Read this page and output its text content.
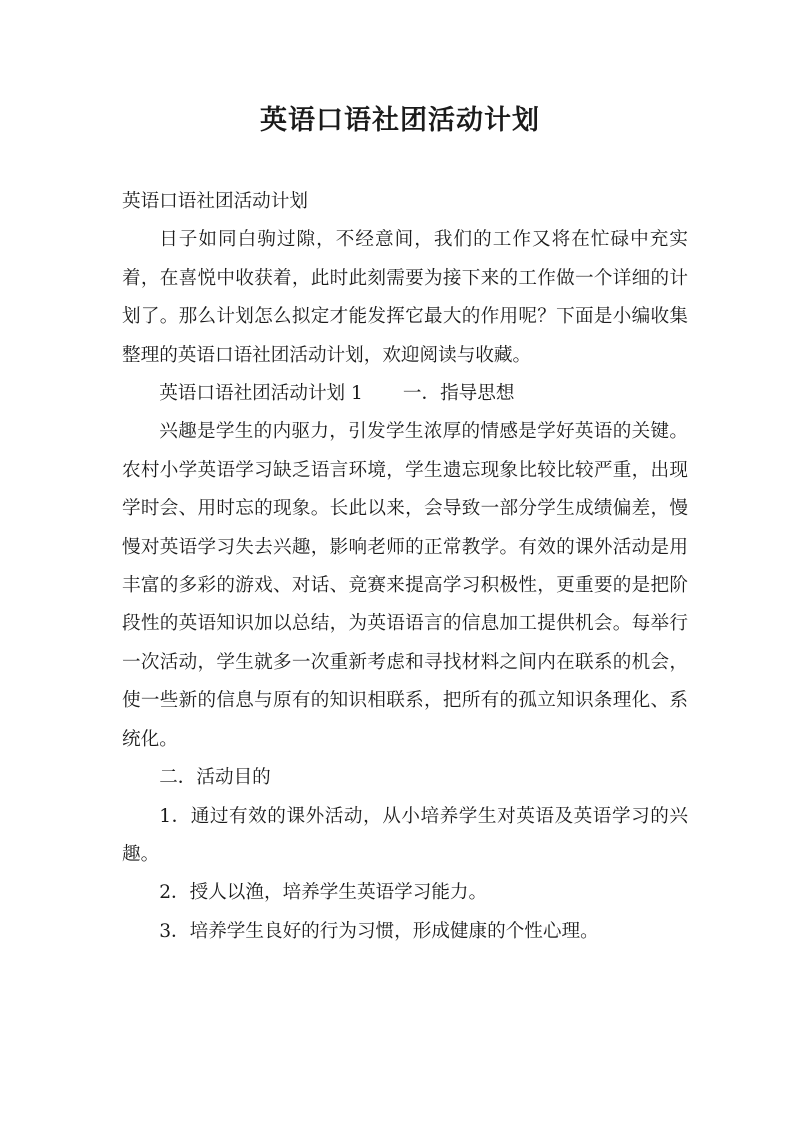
英语口语社团活动计划

英语口语社团活动计划

日子如同白驹过隙，不经意间，我们的工作又将在忙碌中充实着，在喜悦中收获着，此时此刻需要为接下来的工作做一个详细的计划了。那么计划怎么拟定才能发挥它最大的作用呢？下面是小编收集整理的英语口语社团活动计划，欢迎阅读与收藏。

英语口语社团活动计划 1 一．指导思想

兴趣是学生的内驱力，引发学生浓厚的情感是学好英语的关键。农村小学英语学习缺乏语言环境，学生遗忘现象比较比较严重，出现学时会、用时忘的现象。长此以来，会导致一部分学生成绩偏差，慢慢对英语学习失去兴趣，影响老师的正常教学。有效的课外活动是用丰富的多彩的游戏、对话、竞赛来提高学习积极性，更重要的是把阶段性的英语知识加以总结，为英语语言的信息加工提供机会。每举行一次活动，学生就多一次重新考虑和寻找材料之间内在联系的机会，使一些新的信息与原有的知识相联系，把所有的孤立知识条理化、系统化。

二．活动目的

1．通过有效的课外活动，从小培养学生对英语及英语学习的兴趣。

2．授人以渔，培养学生英语学习能力。

3．培养学生良好的行为习惯，形成健康的个性心理。
